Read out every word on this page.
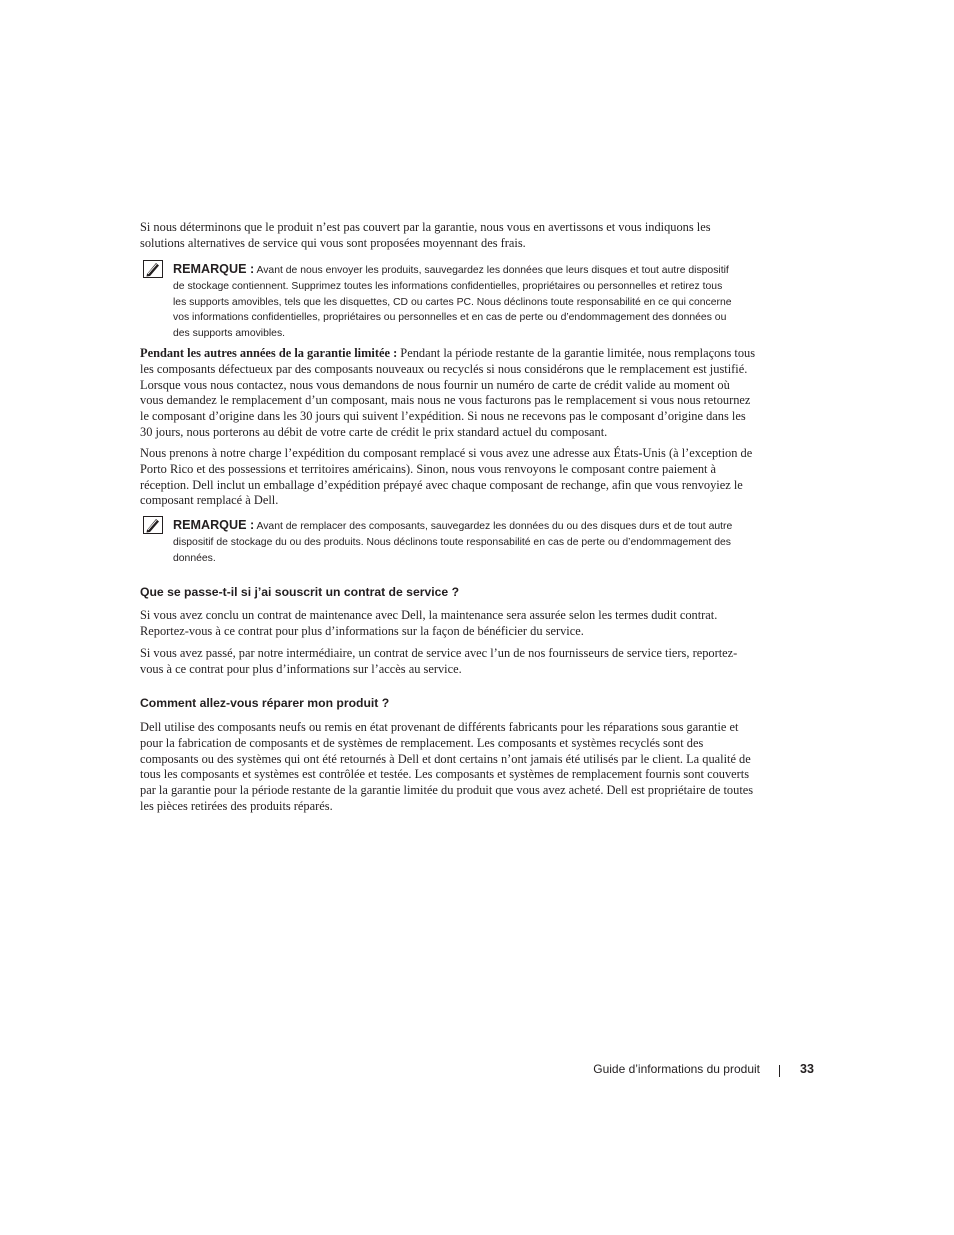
Si nous déterminons que le produit n’est pas couvert par la garantie, nous vous en avertissons et vous indiquons les solutions alternatives de service qui vous sont proposées moyennant des frais.

REMARQUE : Avant de nous envoyer les produits, sauvegardez les données que leurs disques et tout autre dispositif de stockage contiennent. Supprimez toutes les informations confidentielles, propriétaires ou personnelles et retirez tous les supports amovibles, tels que les disquettes, CD ou cartes PC. Nous déclinons toute responsabilité en ce qui concerne vos informations confidentielles, propriétaires ou personnelles et en cas de perte ou d’endommagement des données ou des supports amovibles.

Pendant les autres années de la garantie limitée : Pendant la période restante de la garantie limitée, nous remplaçons tous les composants défectueux par des composants nouveaux ou recyclés si nous considérons que le remplacement est justifié. Lorsque vous nous contactez, nous vous demandons de nous fournir un numéro de carte de crédit valide au moment où vous demandez le remplacement d’un composant, mais nous ne vous facturons pas le remplacement si vous nous retournez le composant d’origine dans les 30 jours qui suivent l’expédition. Si nous ne recevons pas le composant d’origine dans les 30 jours, nous porterons au débit de votre carte de crédit le prix standard actuel du composant.

Nous prenons à notre charge l’expédition du composant remplacé si vous avez une adresse aux États-Unis (à l’exception de Porto Rico et des possessions et territoires américains). Sinon, nous vous renvoyons le composant contre paiement à réception. Dell inclut un emballage d’expédition prépayé avec chaque composant de rechange, afin que vous renvoyiez le composant remplacé à Dell.

REMARQUE : Avant de remplacer des composants, sauvegardez les données du ou des disques durs et de tout autre dispositif de stockage du ou des produits. Nous déclinons toute responsabilité en cas de perte ou d’endommagement des données.

Que se passe-t-il si j’ai souscrit un contrat de service ?

Si vous avez conclu un contrat de maintenance avec Dell, la maintenance sera assurée selon les termes dudit contrat. Reportez-vous à ce contrat pour plus d’informations sur la façon de bénéficier du service.

Si vous avez passé, par notre intermédiaire, un contrat de service avec l’un de nos fournisseurs de service tiers, reportez-vous à ce contrat pour plus d’informations sur l’accès au service.

Comment allez-vous réparer mon produit ?

Dell utilise des composants neufs ou remis en état provenant de différents fabricants pour les réparations sous garantie et pour la fabrication de composants et de systèmes de remplacement. Les composants et systèmes recyclés sont des composants ou des systèmes qui ont été retournés à Dell et dont certains n’ont jamais été utilisés par le client. La qualité de tous les composants et systèmes est contrôlée et testée. Les composants et systèmes de remplacement fournis sont couverts par la garantie pour la période restante de la garantie limitée du produit que vous avez acheté. Dell est propriétaire de toutes les pièces retirées des produits réparés.

Guide d’informations du produit	33
